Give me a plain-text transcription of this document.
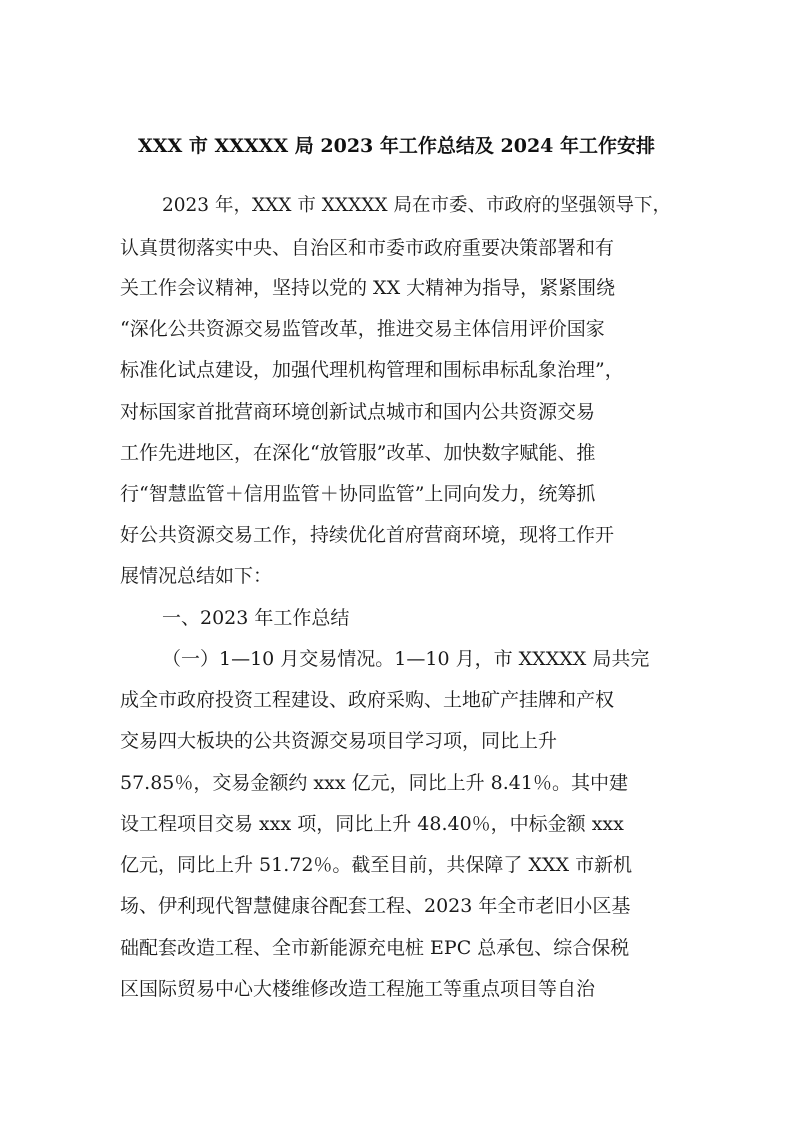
XXX 市 XXXXX 局 2023 年工作总结及 2024 年工作安排

2023 年，XXX 市 XXXXX 局在市委、市政府的坚强领导下，

认真贯彻落实中央、自治区和市委市政府重要决策部署和有

关工作会议精神，坚持以党的 XX 大精神为指导，紧紧围绕

“深化公共资源交易监管改革，推进交易主体信用评价国家

标准化试点建设，加强代理机构管理和围标串标乱象治理”，

对标国家首批营商环境创新试点城市和国内公共资源交易

工作先进地区，在深化“放管服”改革、加快数字赋能、推

行“智慧监管＋信用监管＋协同监管”上同向发力，统筹抓

好公共资源交易工作，持续优化首府营商环境，现将工作开

展情况总结如下：

一、2023 年工作总结

（一）1—10 月交易情况。1—10 月，市 XXXXX 局共完

成全市政府投资工程建设、政府采购、土地矿产挂牌和产权

交易四大板块的公共资源交易项目学习项，同比上升

57.85％，交易金额约 xxx 亿元，同比上升 8.41％。其中建

设工程项目交易 xxx 项，同比上升 48.40％，中标金额 xxx

亿元，同比上升 51.72％。截至目前，共保障了 XXX 市新机

场、伊利现代智慧健康谷配套工程、2023 年全市老旧小区基

础配套改造工程、全市新能源充电桩 EPC 总承包、综合保税

区国际贸易中心大楼维修改造工程施工等重点项目等自治
